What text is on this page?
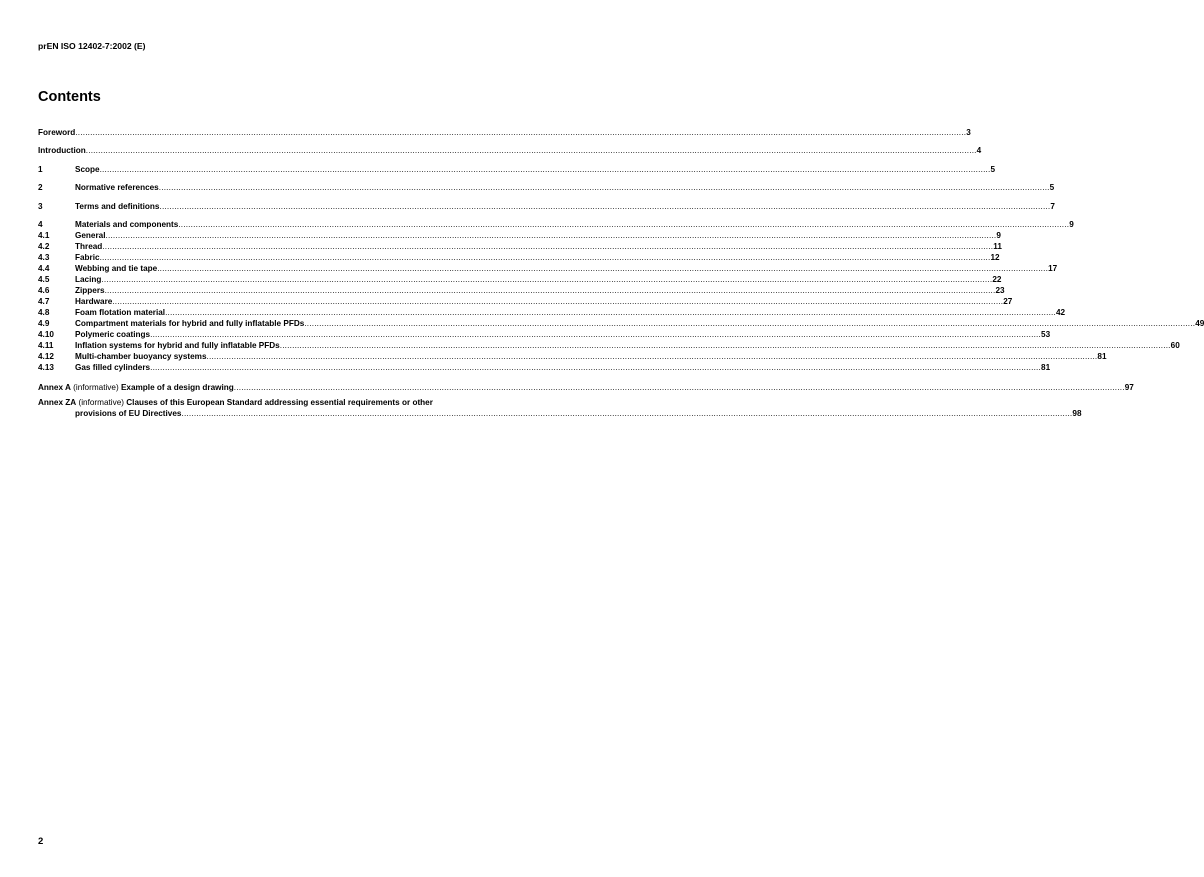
prEN ISO 12402-7:2002 (E)
Contents
Foreword ........................................................................................................................................................................................................................................................................................................................................................................ 3
Introduction ........................................................................................................................................................................................................................................................................................................................................................................ 4
1	Scope ........................................................................................................................................................................................................................................................................................................................................................................ 5
2	Normative references ........................................................................................................................................................................................................................................................................................................................................................................ 5
3	Terms and definitions ........................................................................................................................................................................................................................................................................................................................................................................ 7
4	Materials and components ........................................................................................................................................................................................................................................................................................................................................................................ 9
4.1	General ........................................................................................................................................................................................................................................................................................................................................................................ 9
4.2	Thread ........................................................................................................................................................................................................................................................................................................................................................................ 11
4.3	Fabric ........................................................................................................................................................................................................................................................................................................................................................................ 12
4.4	Webbing and tie tape ........................................................................................................................................................................................................................................................................................................................................................................ 17
4.5	Lacing ........................................................................................................................................................................................................................................................................................................................................................................ 22
4.6	Zippers ........................................................................................................................................................................................................................................................................................................................................................................ 23
4.7	Hardware ........................................................................................................................................................................................................................................................................................................................................................................ 27
4.8	Foam flotation material ........................................................................................................................................................................................................................................................................................................................................................................ 42
4.9	Compartment materials for hybrid and fully inflatable PFDs ........................................................................................................................................................................................................................................................................................................................................................................ 49
4.10	Polymeric coatings ........................................................................................................................................................................................................................................................................................................................................................................ 53
4.11	Inflation systems for hybrid and fully inflatable PFDs ........................................................................................................................................................................................................................................................................................................................................................................ 60
4.12	Multi-chamber buoyancy systems ........................................................................................................................................................................................................................................................................................................................................................................ 81
4.13	Gas filled cylinders ........................................................................................................................................................................................................................................................................................................................................................................ 81
Annex A (informative) Example of a design drawing ........................................................................................................................................................................................................................................................................................................................................................................ 97
Annex ZA (informative) Clauses of this European Standard addressing essential requirements or other
provisions of EU Directives ........................................................................................................................................................................................................................................................................................................................................................................ 98
2
